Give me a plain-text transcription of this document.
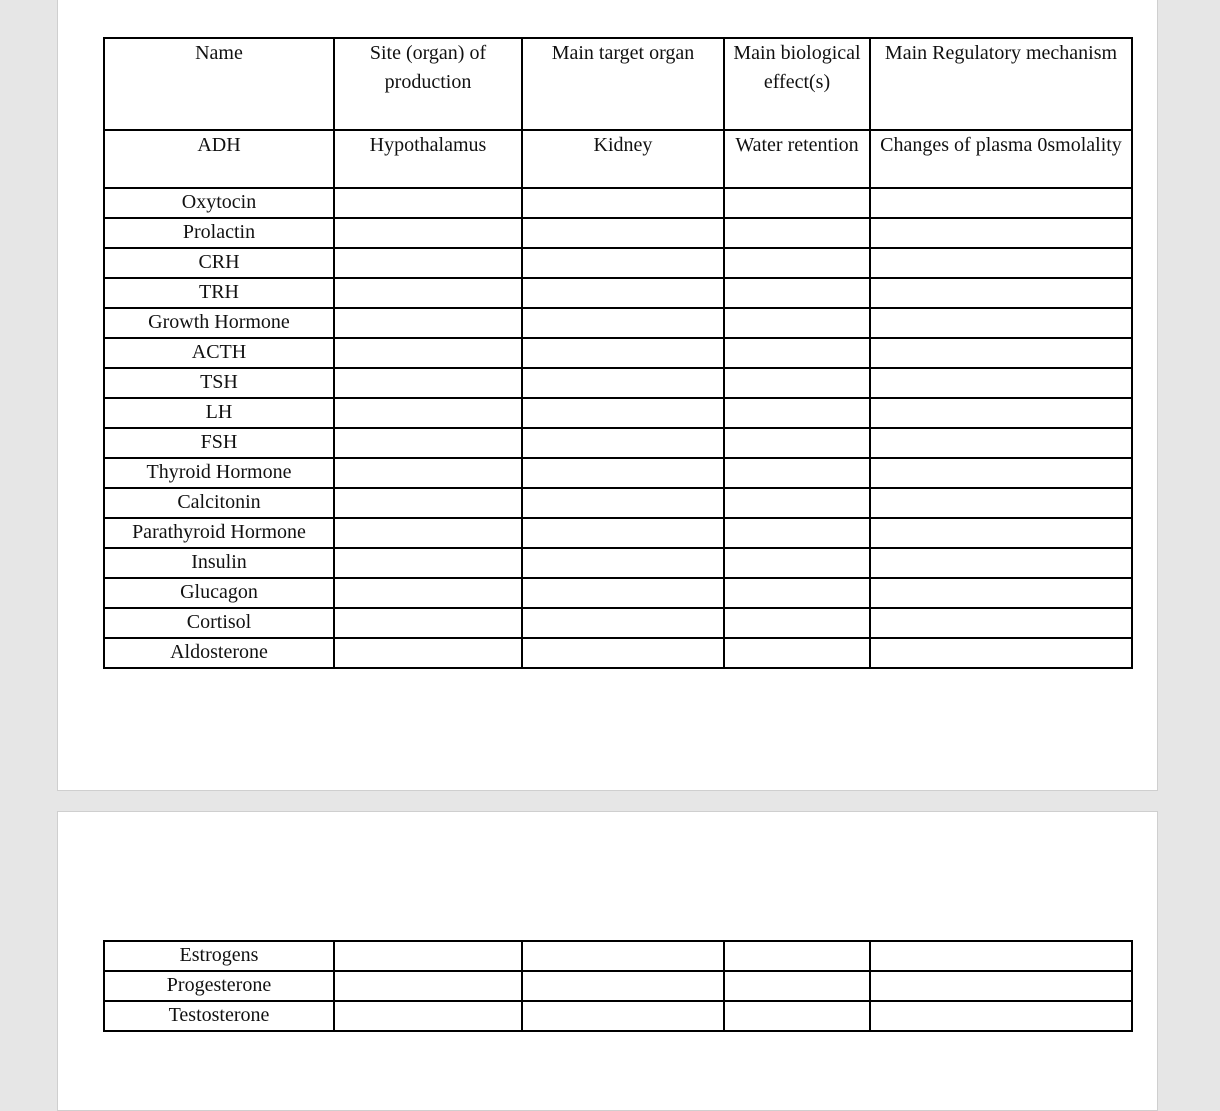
Name	Site (organ) of production	Main target organ	Main biological effect(s)	Main Regulatory mechanism
ADH	Hypothalamus	Kidney	Water retention	Changes of plasma 0smolality
Oxytocin				
Prolactin				
CRH				
TRH				
Growth Hormone				
ACTH				
TSH				
LH				
FSH				
Thyroid Hormone				
Calcitonin				
Parathyroid Hormone				
Insulin				
Glucagon				
Cortisol				
Aldosterone				
Estrogens				
Progesterone				
Testosterone				
